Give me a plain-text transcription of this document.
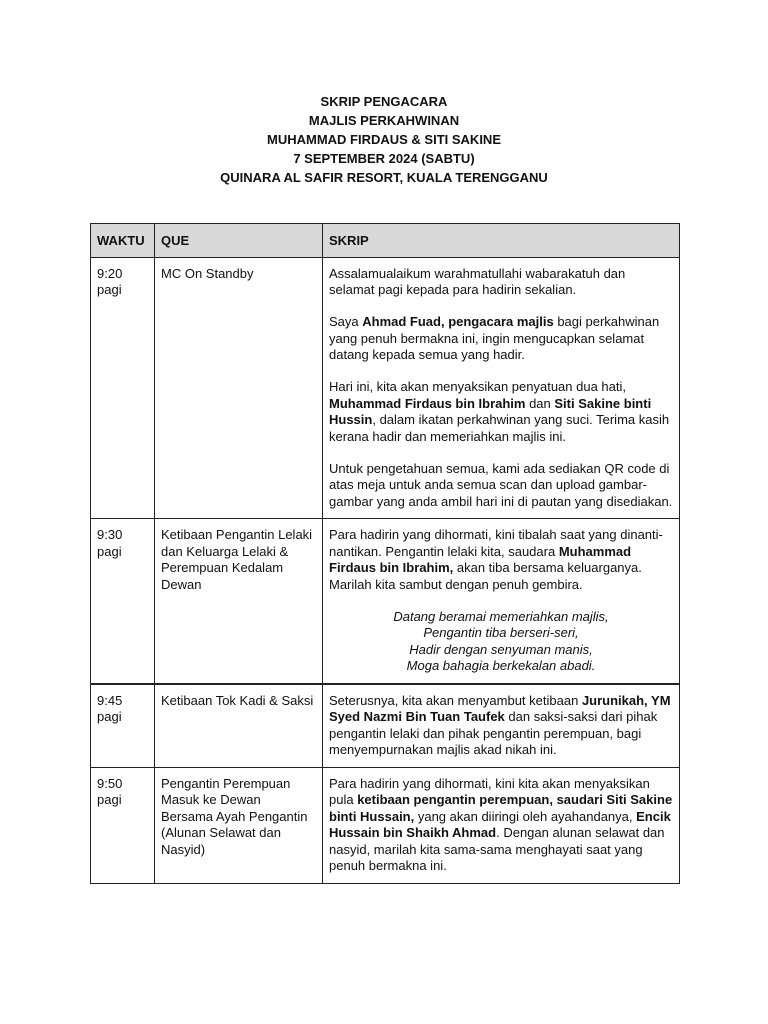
SKRIP PENGACARA
MAJLIS PERKAHWINAN
MUHAMMAD FIRDAUS & SITI SAKINE
7 SEPTEMBER 2024 (SABTU)
QUINARA AL SAFIR RESORT, KUALA TERENGGANU
WAKTU	QUE	SKRIP
9:20 pagi	MC On Standby	Assalamualaikum warahmatullahi wabarakatuh dan selamat pagi kepada para hadirin sekalian.
Saya Ahmad Fuad, pengacara majlis bagi perkahwinan yang penuh bermakna ini, ingin mengucapkan selamat datang kepada semua yang hadir.
Hari ini, kita akan menyaksikan penyatuan dua hati, Muhammad Firdaus bin Ibrahim dan Siti Sakine binti Hussin, dalam ikatan perkahwinan yang suci. Terima kasih kerana hadir dan memeriahkan majlis ini.
Untuk pengetahuan semua, kami ada sediakan QR code di atas meja untuk anda semua scan dan upload gambar-gambar yang anda ambil hari ini di pautan yang disediakan.

9:30 pagi	Ketibaan Pengantin Lelaki dan Keluarga Lelaki & Perempuan Kedalam Dewan	Para hadirin yang dihormati, kini tibalah saat yang dinanti-nantikan. Pengantin lelaki kita, saudara Muhammad Firdaus bin Ibrahim, akan tiba bersama keluarganya. Marilah kita sambut dengan penuh gembira.
Datang beramai memeriahkan majlis,
Pengantin tiba berseri-seri,
Hadir dengan senyuman manis,
Moga bahagia berkekalan abadi.

9:45 pagi	Ketibaan Tok Kadi & Saksi	Seterusnya, kita akan menyambut ketibaan Jurunikah, YM Syed Nazmi Bin Tuan Taufek dan saksi-saksi dari pihak pengantin lelaki dan pihak pengantin perempuan, bagi menyempurnakan majlis akad nikah ini.

9:50 pagi	Pengantin Perempuan Masuk ke Dewan Bersama Ayah Pengantin (Alunan Selawat dan Nasyid)	Para hadirin yang dihormati, kini kita akan menyaksikan pula ketibaan pengantin perempuan, saudari Siti Sakine binti Hussain, yang akan diiringi oleh ayahandanya, Encik Hussain bin Shaikh Ahmad. Dengan alunan selawat dan nasyid, marilah kita sama-sama menghayati saat yang penuh bermakna ini.
